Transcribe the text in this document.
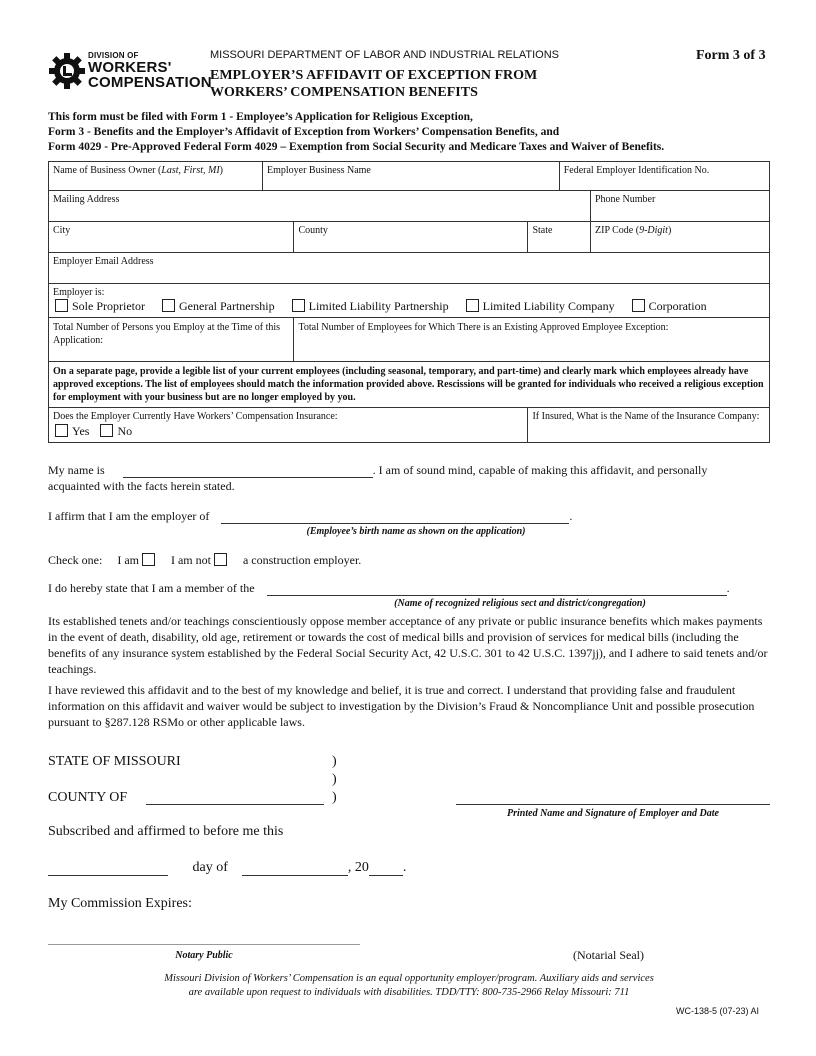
DIVISION OF
WORKERS'
COMPENSATION
MISSOURI DEPARTMENT OF LABOR AND INDUSTRIAL RELATIONS	Form 3 of 3
EMPLOYER’S AFFIDAVIT OF EXCEPTION FROM
WORKERS’ COMPENSATION BENEFITS
This form must be filed with Form 1 - Employee’s Application for Religious Exception,
Form 3 - Benefits and the Employer’s Affidavit of Exception from Workers’ Compensation Benefits, and
Form 4029 - Pre-Approved Federal Form 4029 – Exemption from Social Security and Medicare Taxes and Waiver of Benefits.
Name of Business Owner (Last, First, MI)	Employer Business Name			Federal Employer Identification No.	
Mailing Address					Phone Number
City		County	State		ZIP Code (9-Digit)
Employer Email Address					

Employer is:
Sole Proprietor General Partnership Limited Liability Partnership Limited Liability Company Corporation					

Total Number of Persons you Employ at the Time of this Application:		Total Number of Employees for Which There is an Existing Approved Employee Exception:			
On a separate page, provide a legible list of your current employees (including seasonal, temporary, and part-time) and clearly mark which employees already have approved exceptions. The list of employees should match the information provided above. Rescissions will be granted for individuals who received a religious exception for employment with your business but are no longer employed by you.					

Does the Employer Currently Have Workers’ Compensation Insurance:
Yes No			If Insured, What is the Name of the Insurance Company:		
My name is	. I am of sound mind, capable of making this affidavit, and personally
acquainted with the facts herein stated.
I affirm that I am the employer of	.
(Employee’s birth name as shown on the application)
Check one: I am	I am not	a construction employer.
I do hereby state that I am a member of the	.
(Name of recognized religious sect and district/congregation)
Its established tenets and/or teachings conscientiously oppose member acceptance of any private or public insurance benefits which makes payments in the event of death, disability, old age, retirement or towards the cost of medical bills and provision of services for medical bills (including the benefits of any insurance system established by the Federal Social Security Act, 42 U.S.C. 301 to 42 U.S.C. 1397jj), and I adhere to said tenets and/or teachings.
I have reviewed this affidavit and to the best of my knowledge and belief, it is true and correct. I understand that providing false and fraudulent information on this affidavit and waiver would be subject to investigation by the Division’s Fraud & Noncompliance Unit and possible prosecution pursuant to §287.128 RSMo or other applicable laws.
STATE OF MISSOURI	)
)
COUNTY OF	)
Printed Name and Signature of Employer and Date
Subscribed and affirmed to before me this
day of	, 20 .
My Commission Expires:
Notary Public	(Notarial Seal)
Missouri Division of Workers’ Compensation is an equal opportunity employer/program. Auxiliary aids and services
are available upon request to individuals with disabilities. TDD/TTY: 800-735-2966 Relay Missouri: 711
WC-138-5 (07-23) AI
